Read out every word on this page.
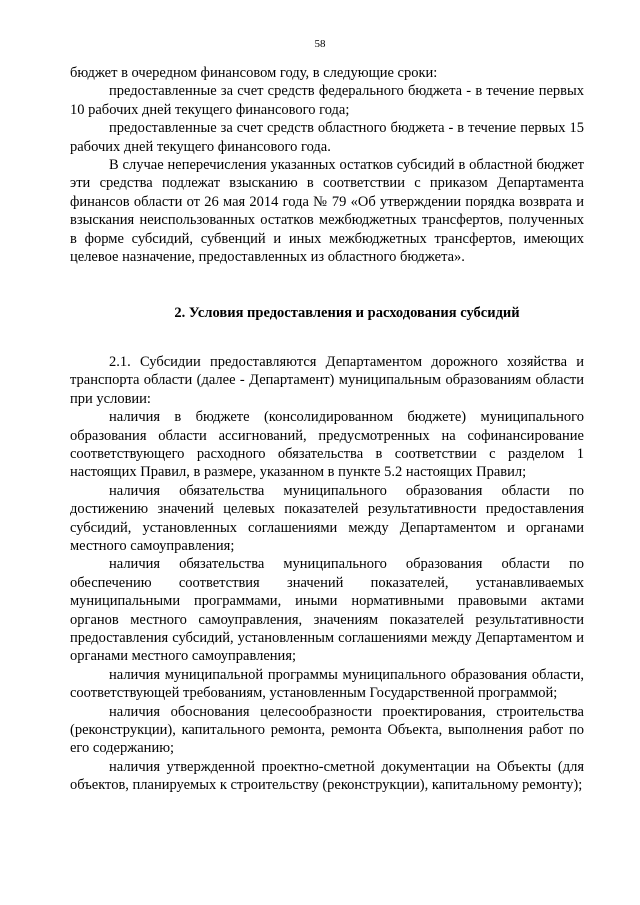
58

бюджет в очередном финансовом году, в следующие сроки:

предоставленные за счет средств федерального бюджета - в течение первых 10 рабочих дней текущего финансового года;

предоставленные за счет средств областного бюджета - в течение первых 15 рабочих дней текущего финансового года.

В случае неперечисления указанных остатков субсидий в областной бюджет эти средства подлежат взысканию в соответствии с приказом Департамента финансов области от 26 мая 2014 года № 79 «Об утверждении порядка возврата и взыскания неиспользованных остатков межбюджетных трансфертов, полученных в форме субсидий, субвенций и иных межбюджетных трансфертов, имеющих целевое назначение, предоставленных из областного бюджета».

2. Условия предоставления и расходования субсидий

2.1. Субсидии предоставляются Департаментом дорожного хозяйства и транспорта области (далее - Департамент) муниципальным образованиям области при условии:

наличия в бюджете (консолидированном бюджете) муниципального образования области ассигнований, предусмотренных на софинансирование соответствующего расходного обязательства в соответствии с разделом 1 настоящих Правил, в размере, указанном в пункте 5.2 настоящих Правил;

наличия обязательства муниципального образования области по достижению значений целевых показателей результативности предоставления субсидий, установленных соглашениями между Департаментом и органами местного самоуправления;

наличия обязательства муниципального образования области по обеспечению соответствия значений показателей, устанавливаемых муниципальными программами, иными нормативными правовыми актами органов местного самоуправления, значениям показателей результативности предоставления субсидий, установленным соглашениями между Департаментом и органами местного самоуправления;

наличия муниципальной программы муниципального образования области, соответствующей требованиям, установленным Государственной программой;

наличия обоснования целесообразности проектирования, строительства (реконструкции), капитального ремонта, ремонта Объекта, выполнения работ по его содержанию;

наличия утвержденной проектно-сметной документации на Объекты (для объектов, планируемых к строительству (реконструкции), капитальному ремонту);
